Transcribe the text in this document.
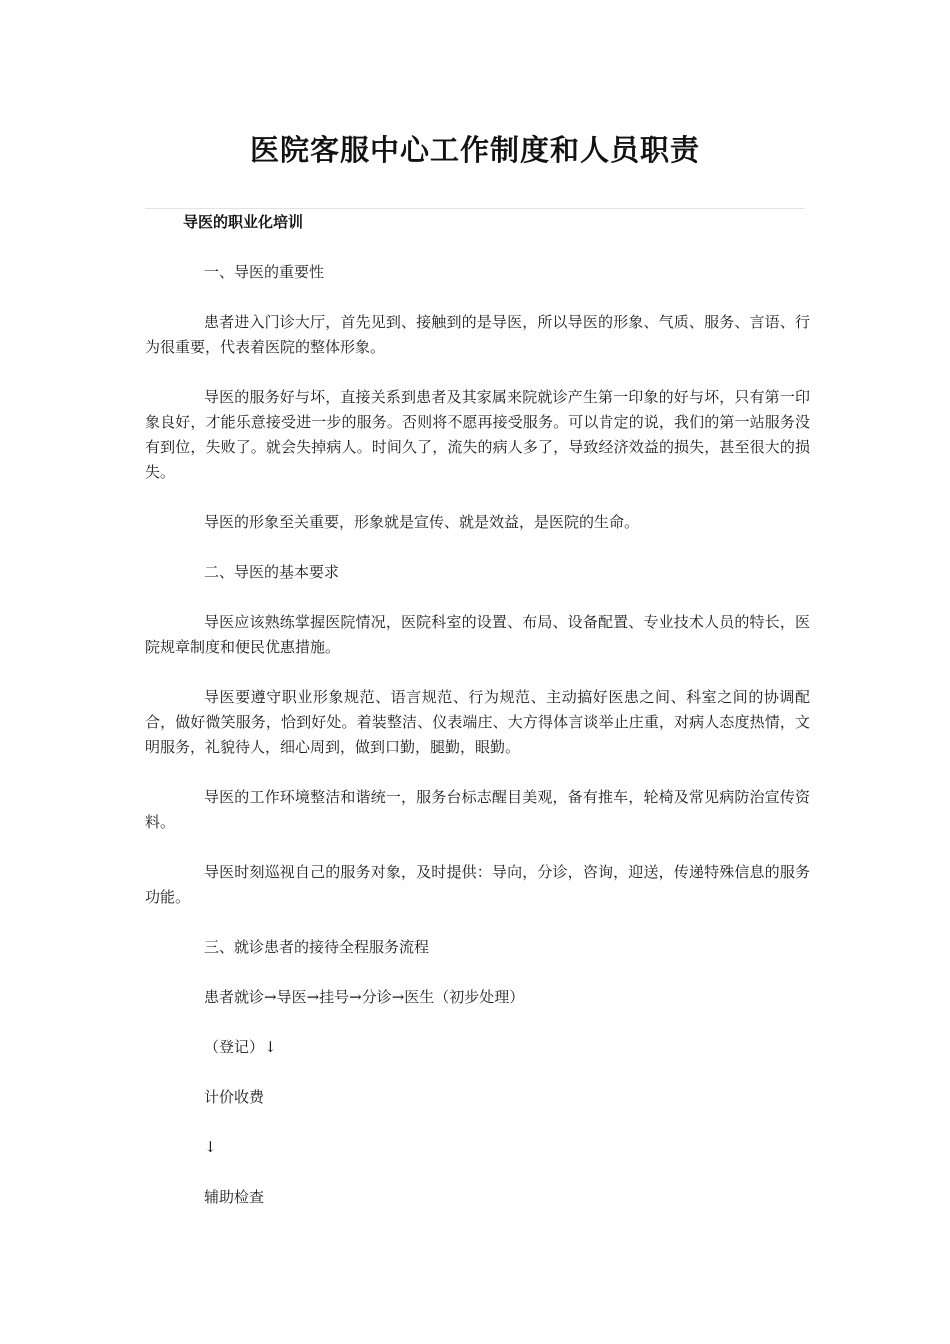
医院客服中心工作制度和人员职责

导医的职业化培训

一、导医的重要性

患者进入门诊大厅，首先见到、接触到的是导医，所以导医的形象、气质、服务、言语、行为很重要，代表着医院的整体形象。

导医的服务好与坏，直接关系到患者及其家属来院就诊产生第一印象的好与坏，只有第一印象良好，才能乐意接受进一步的服务。否则将不愿再接受服务。可以肯定的说，我们的第一站服务没有到位，失败了。就会失掉病人。时间久了，流失的病人多了，导致经济效益的损失，甚至很大的损失。

导医的形象至关重要，形象就是宣传、就是效益，是医院的生命。

二、导医的基本要求

导医应该熟练掌握医院情况，医院科室的设置、布局、设备配置、专业技术人员的特长，医院规章制度和便民优惠措施。

导医要遵守职业形象规范、语言规范、行为规范、主动搞好医患之间、科室之间的协调配合，做好微笑服务，恰到好处。着装整洁、仪表端庄、大方得体言谈举止庄重，对病人态度热情，文明服务，礼貌待人，细心周到，做到口勤，腿勤，眼勤。

导医的工作环境整洁和谐统一，服务台标志醒目美观，备有推车，轮椅及常见病防治宣传资料。

导医时刻巡视自己的服务对象，及时提供：导向，分诊，咨询，迎送，传递特殊信息的服务功能。

三、就诊患者的接待全程服务流程

患者就诊→导医→挂号→分诊→医生（初步处理）

（登记）↓

计价收费

↓

辅助检查
